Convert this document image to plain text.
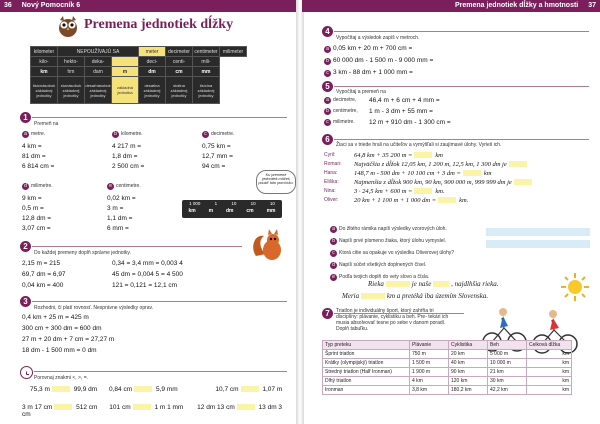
36 Nový Pomocník 6
Premena jednotiek dĺžky
kilometer	NEPOUŽÍVAJÚ SA			meter	decimeter	centimeter	milimeter
kilo-	hekto-	deka-		deci-	centi-	mili-	
km	hm	dam	m	dm	cm	mm	
tisícnásobok základnej jednotky	stonásobok základnej jednotky	desaťnásobok základnej jednotky	základná jednotka	desatina základnej jednotky	stotina základnej jednotky	tisícina základnej jednotky	
1
Premeň na
a metre.	b kilometre.	c decimetre.
4 km =	4 217 m =	0,75 km =
81 dm =	1,8 dm =	12,7 mm =
6 814 cm =	2 500 cm =	94 cm =
d milimetre.	e centimetre.
9 km =	0,02 km =
0,5 m =	3 m =
12,8 dm =	1,1 dm =
3,07 cm =	6 mm =
Ku premene jednotiek môžeš použiť túto pomôcku.
1 000	1	10	10	10
km	m	dm	cm	mm
2
Do každej premeny doplň správne jednotky.
2,15 m = 215	0,34 = 3,4 mm = 0,003 4
69,7 dm = 6,97	45 dm = 0,004 5 = 4 500
0,04 km = 400	121 = 0,121 = 12,1 cm
3
Rozhodni, či platí rovnosť. Nesprávne výsledky oprav.
0,4 km + 25 m = 425 m
300 cm + 300 dm = 600 dm
27 m + 20 dm + 7 cm = 27,27 m
18 dm - 1 500 mm = 0 dm
Porovnaj znakmi <, >, =.
75,3 m	99,9 dm 0,84 cm	5,9 mm	10,7 cm	1,07 m
3 m 17 cm	512 cm 101 cm	1 m 1 mm 12 dm 13 cm	13 dm 3 cm
Premena jednotiek dĺžky a hmotnosti 37
4
Vypočítaj a výsledok zapíš v metroch.
a 0,05 km + 20 m + 700 cm =
b 60 000 dm - 1 500 m - 9 000 mm =
c 3 km - 88 dm + 1 000 mm =
5
Vypočítaj a premeň na
a decimetre,	46,4 m + 6 cm + 4 mm =
b centimetre,	1 m - 3 dm + 55 mm =
c milimetre.	12 m + 910 dm - 1 300 cm =
6
Žiaci sa v triede hrali na učiteľov a vymýšľali si zaujímavé úlohy. Vyrieš ich.
Cyril:	64,8 km + 35 200 m =	km
Roman:	Najväčšia z dĺžok 12,05 km, 1 200 m, 12,5 km, 1 300 dm je
Hana:	148,7 m - 500 dm + 10 100 cm + 3 dm =	km
Eliška:	Najmenšia z dĺžok 900 km, 90 km, 900 000 m, 999 999 dm je
Nina:	3 · 24,5 km + 600 m =	km.
Oliver:	20 km + 1 100 m + 1 000 dm =	km.
a Do žltého rámika napíš výsledky vzorových úloh.
b Napíš prvé písmeno žiaka, ktorý úlohu vymyslel.
c Ktorá citie sa opakuje vo výsledku Oliverovej úlohy?
d Napíš súčet všetkých doplnených čísel.
e Podľa tvojich doplň do vety slovo a čísla.
Rieka	je naše	, najdlhšia rieka.
Meria	km a pretéká iba územím Slovenska.
7	Triatlon je individuálny šport, ktorý zahŕňa tri disciplíny: plávanie, cyklistiku a beh. Pre- tekári ich musia absolvovať tesne po sebe v danom poradí. Doplň tabuľku.
Typ preteku	Plávanie	Cyklistika	Beh	Celková dĺžka
Šprint triatlon	750 m	20 km	5 000 m	km
Krátky (olympijský) triatlon	1 500 m	40 km	10 000 m	km
Stredný triatlon (Half Ironman)	1 900 m	90 km	21 km	km
Dlhý triatlon	4 km	120 km	30 km	km
Ironman	3,8 km	180,2 km	42,2 km	km
